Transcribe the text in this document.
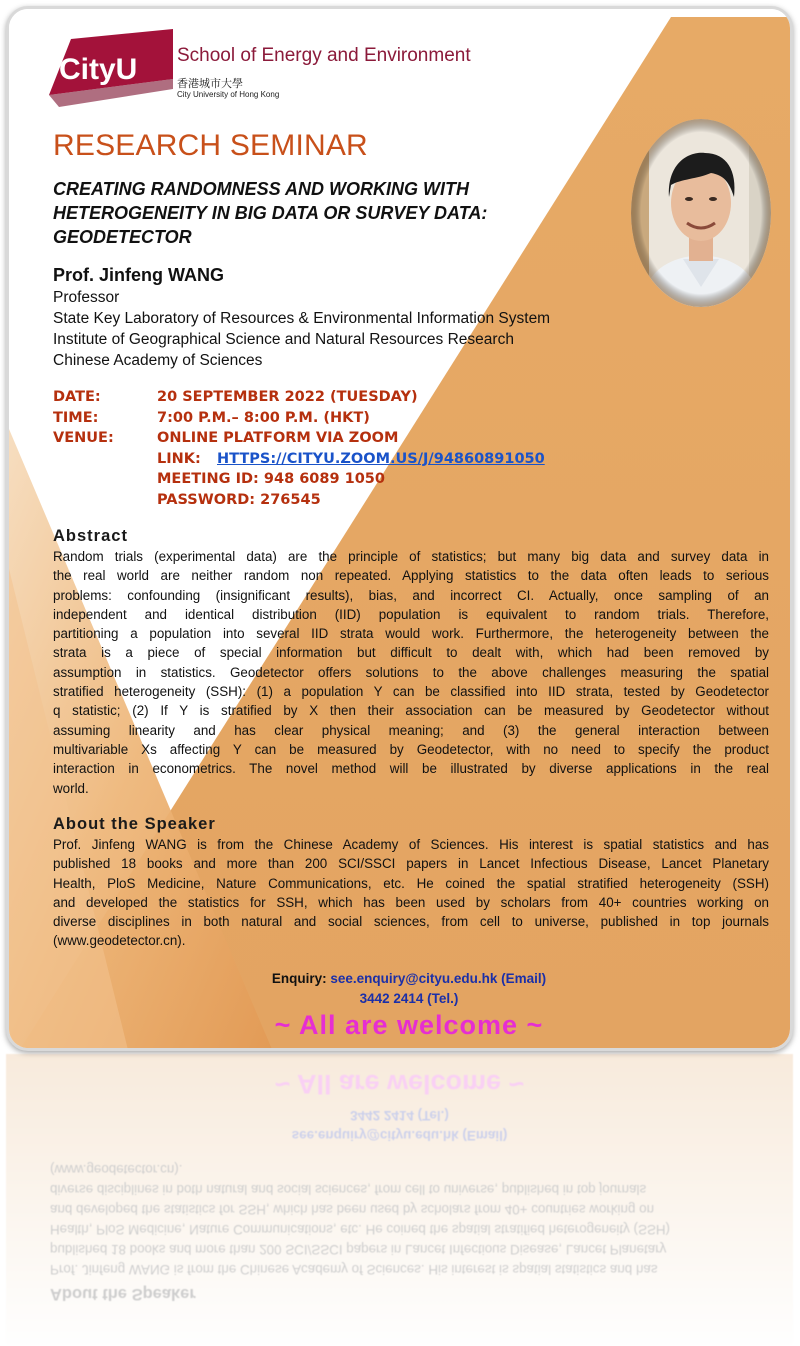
CityU School of Energy and Environment
香港城市大學
City University of Hong Kong
RESEARCH SEMINAR
CREATING RANDOMNESS AND WORKING WITH
HETEROGENEITY IN BIG DATA OR SURVEY DATA:
GEODETECTOR
Prof. Jinfeng WANG
Professor
State Key Laboratory of Resources & Environmental Information System
Institute of Geographical Science and Natural Resources Research
Chinese Academy of Sciences
DATE:	20 SEPTEMBER 2022 (TUESDAY)
TIME:	7:00 P.M.– 8:00 P.M. (HKT)
VENUE:	ONLINE PLATFORM VIA ZOOM
LINK: HTTPS://CITYU.ZOOM.US/J/94860891050
MEETING ID: 948 6089 1050
PASSWORD: 276545
Abstract
Random trials (experimental data) are the principle of statistics; but many big data and survey data in
the real world are neither random non repeated. Applying statistics to the data often leads to serious
problems: confounding (insignificant results), bias, and incorrect CI. Actually, once sampling of an
independent and identical distribution (IID) population is equivalent to random trials. Therefore,
partitioning a population into several IID strata would work. Furthermore, the heterogeneity between the
strata is a piece of special information but difficult to dealt with, which had been removed by
assumption in statistics. Geodetector offers solutions to the above challenges measuring the spatial
stratified heterogeneity (SSH): (1) a population Y can be classified into IID strata, tested by Geodetector
q statistic; (2) If Y is stratified by X then their association can be measured by Geodetector without
assuming linearity and has clear physical meaning; and (3) the general interaction between
multivariable Xs affecting Y can be measured by Geodetector, with no need to specify the product
interaction in econometrics. The novel method will be illustrated by diverse applications in the real
world.
About the Speaker
Prof. Jinfeng WANG is from the Chinese Academy of Sciences. His interest is spatial statistics and has
published 18 books and more than 200 SCI/SSCI papers in Lancet Infectious Disease, Lancet Planetary
Health, PloS Medicine, Nature Communications, etc. He coined the spatial stratified heterogeneity (SSH)
and developed the statistics for SSH, which has been used by scholars from 40+ countries working on
diverse disciplines in both natural and social sciences, from cell to universe, published in top journals
(www.geodetector.cn).
Enquiry: see.enquiry@cityu.edu.hk (Email)
3442 2414 (Tel.)
~ All are welcome ~
~ All are welcome ~
3442 2414 (Tel.)
see.enquiry@cityu.edu.hk (Email)
(www.geodetector.cn).
diverse disciplines in both natural and social sciences, from cell to universe, published in top journals
and developed the statistics for SSH, which has been used by scholars from 40+ countries working on
Health, PloS Medicine, Nature Communications, etc. He coined the spatial stratified heterogeneity (SSH)
published 18 books and more than 200 SCI/SSCI papers in Lancet Infectious Disease, Lancet Planetary
Prof. Jinfeng WANG is from the Chinese Academy of Sciences. His interest is spatial statistics and has
About the Speaker
